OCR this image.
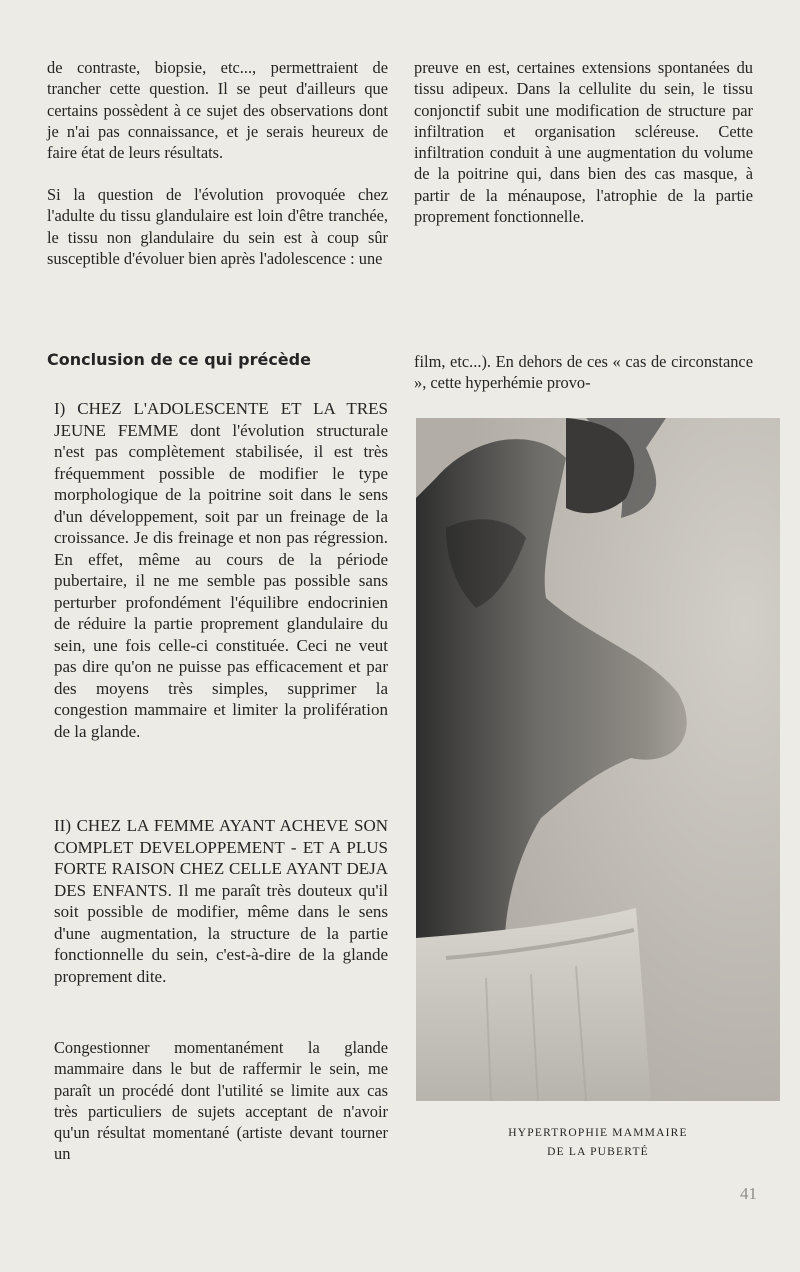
de contraste, biopsie, etc..., permettraient de trancher cette question. Il se peut d'ailleurs que certains possèdent à ce sujet des observations dont je n'ai pas connaissance, et je serais heureux de faire état de leurs résultats.

Si la question de l'évolution provoquée chez l'adulte du tissu glandulaire est loin d'être tranchée, le tissu non glandulaire du sein est à coup sûr susceptible d'évoluer bien après l'adolescence : une

preuve en est, certaines extensions spontanées du tissu adipeux. Dans la cellulite du sein, le tissu conjonctif subit une modification de structure par infiltration et organisation scléreuse. Cette infiltration conduit à une augmentation du volume de la poitrine qui, dans bien des cas masque, à partir de la ménaupose, l'atrophie de la partie proprement fonctionnelle.

Conclusion de ce qui précède

I) CHEZ L'ADOLESCENTE ET LA TRES JEUNE FEMME dont l'évolution structurale n'est pas complètement stabilisée, il est très fréquemment possible de modifier le type morphologique de la poitrine soit dans le sens d'un développement, soit par un freinage de la croissance. Je dis freinage et non pas régression. En effet, même au cours de la période pubertaire, il ne me semble pas possible sans perturber profondément l'équilibre endocrinien de réduire la partie proprement glandulaire du sein, une fois celle-ci constituée. Ceci ne veut pas dire qu'on ne puisse pas efficacement et par des moyens très simples, supprimer la congestion mammaire et limiter la prolifération de la glande.

II) CHEZ LA FEMME AYANT ACHEVE SON COMPLET DEVELOPPEMENT - ET A PLUS FORTE RAISON CHEZ CELLE AYANT DEJA DES ENFANTS. Il me paraît très douteux qu'il soit possible de modifier, même dans le sens d'une augmentation, la structure de la partie fonctionnelle du sein, c'est-à-dire de la glande proprement dite.

Congestionner momentanément la glande mammaire dans le but de raffermir le sein, me paraît un procédé dont l'utilité se limite aux cas très particuliers de sujets acceptant de n'avoir qu'un résultat momentané (artiste devant tourner un

film, etc...). En dehors de ces « cas de circonstance », cette hyperhémie provo-

HYPERTROPHIE MAMMAIRE

DE LA PUBERTÉ

41
